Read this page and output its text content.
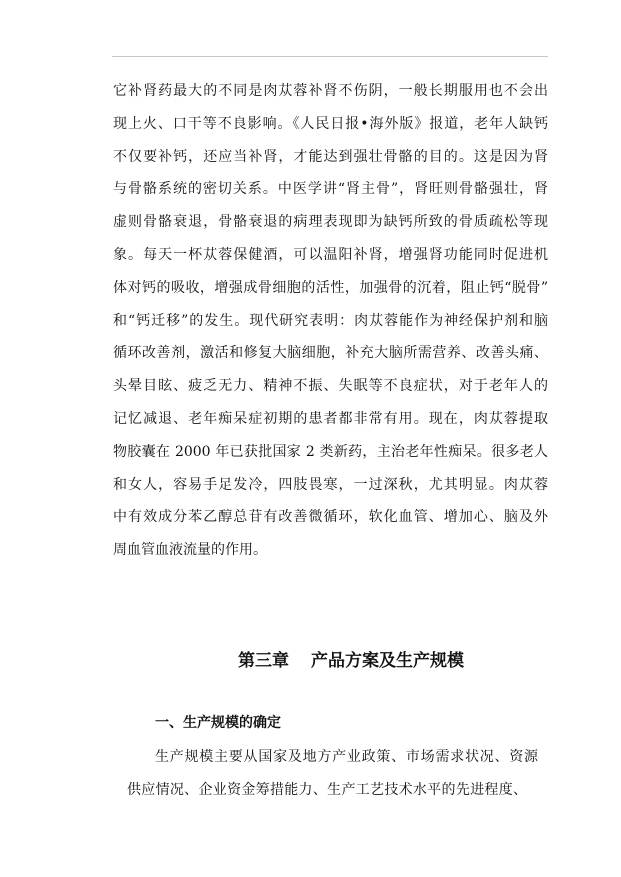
它补肾药最大的不同是肉苁蓉补肾不伤阴，一般长期服用也不会出
现上火、口干等不良影响。《人民日报•海外版》报道，老年人缺钙
不仅要补钙，还应当补肾，才能达到强壮骨骼的目的。这是因为肾
与骨骼系统的密切关系。中医学讲“肾主骨”，肾旺则骨骼强壮，肾
虚则骨骼衰退，骨骼衰退的病理表现即为缺钙所致的骨质疏松等现
象。每天一杯苁蓉保健酒，可以温阳补肾，增强肾功能同时促进机
体对钙的吸收，增强成骨细胞的活性，加强骨的沉着，阻止钙“脱骨”
和“钙迁移”的发生。现代研究表明：肉苁蓉能作为神经保护剂和脑
循环改善剂，激活和修复大脑细胞，补充大脑所需营养、改善头痛、
头晕目眩、疲乏无力、精神不振、失眠等不良症状，对于老年人的
记忆减退、老年痴呆症初期的患者都非常有用。现在，肉苁蓉提取
物胶囊在 2000 年已获批国家 2 类新药，主治老年性痴呆。很多老人
和女人，容易手足发冷，四肢畏寒，一过深秋，尤其明显。肉苁蓉
中有效成分苯乙醇总苷有改善微循环，软化血管、增加心、脑及外
周血管血液流量的作用。
第三章 产品方案及生产规模
一、生产规模的确定
生产规模主要从国家及地方产业政策、市场需求状况、资源
供应情况、企业资金筹措能力、生产工艺技术水平的先进程度、
